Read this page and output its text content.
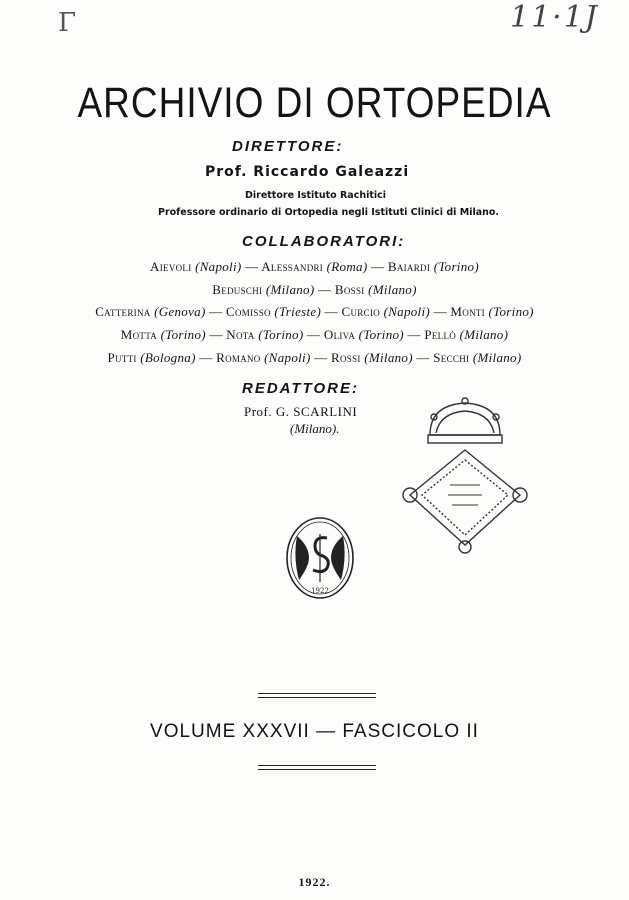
Γ	11·1J
ARCHIVIO DI ORTOPEDIA
DIRETTORE:
Prof. Riccardo Galeazzi
Direttore Istituto Rachitici
Professore ordinario di Ortopedia negli Istituti Clinici di Milano.
COLLABORATORI:
Aievoli (Napoli) — Alessandri (Roma) — Baiardi (Torino)
Beduschi (Milano) — Bossi (Milano)
Catterina (Genova) — Comisso (Trieste) — Curcio (Napoli) — Monti (Torino)
Motta (Torino) — Nota (Torino) — Oliva (Torino) — Pellò (Milano)
Putti (Bologna) — Romano (Napoli) — Rossi (Milano) — Secchi (Milano)
REDATTORE:
Prof. G. SCARLINI
(Milano).
1922
VOLUME XXXVII — FASCICOLO II
1922.
